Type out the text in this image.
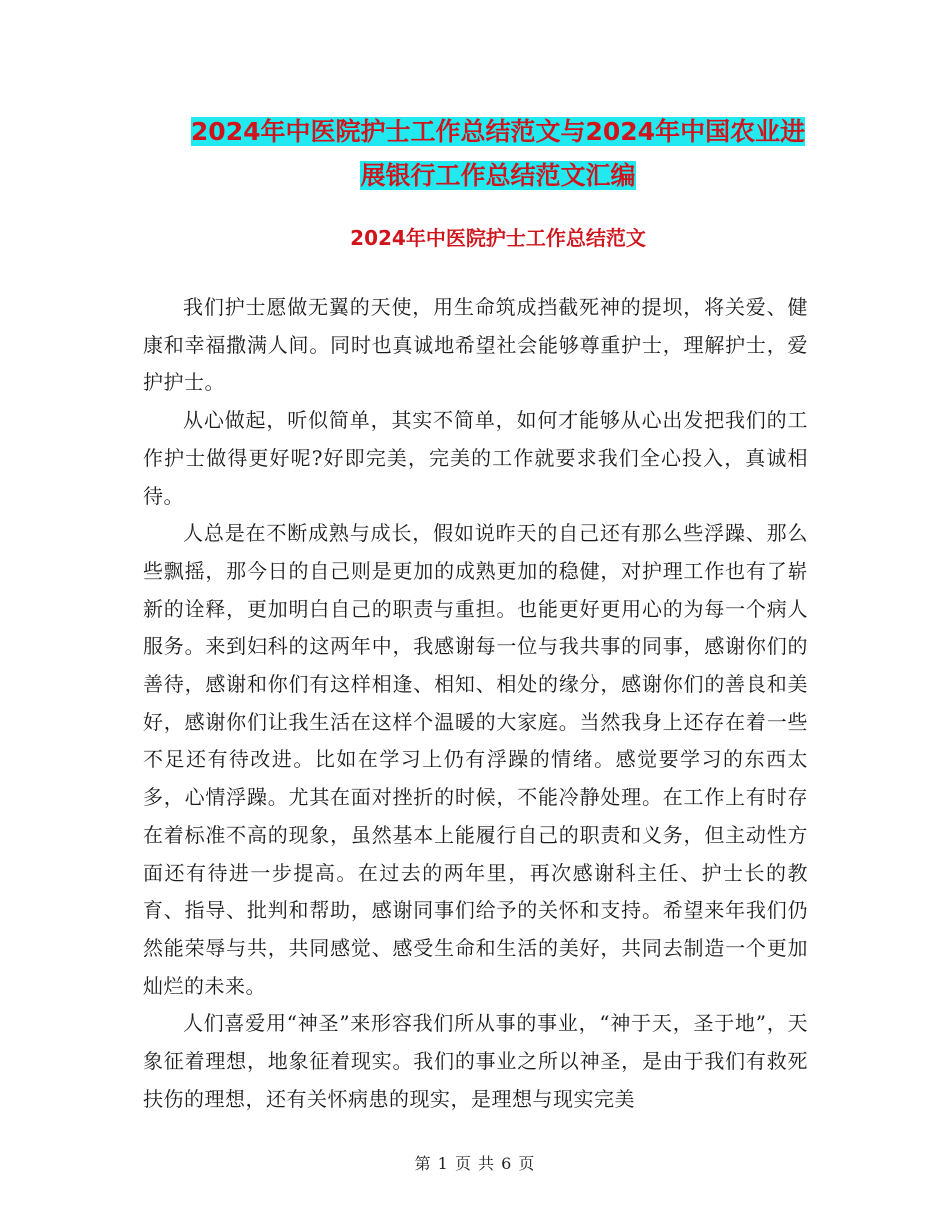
2024年中医院护士工作总结范文与2024年中国农业进
展银行工作总结范文汇编
2024年中医院护士工作总结范文

我们护士愿做无翼的天使，用生命筑成挡截死神的提坝，将关爱、健康和幸福撒满人间。同时也真诚地希望社会能够尊重护士，理解护士，爱护护士。

从心做起，听似简单，其实不简单，如何才能够从心出发把我们的工作护士做得更好呢?好即完美，完美的工作就要求我们全心投入，真诚相待。

人总是在不断成熟与成长，假如说昨天的自己还有那么些浮躁、那么些飘摇，那今日的自己则是更加的成熟更加的稳健，对护理工作也有了崭新的诠释，更加明白自己的职责与重担。也能更好更用心的为每一个病人服务。来到妇科的这两年中，我感谢每一位与我共事的同事，感谢你们的善待，感谢和你们有这样相逢、相知、相处的缘分，感谢你们的善良和美好，感谢你们让我生活在这样个温暖的大家庭。当然我身上还存在着一些不足还有待改进。比如在学习上仍有浮躁的情绪。感觉要学习的东西太多，心情浮躁。尤其在面对挫折的时候，不能冷静处理。在工作上有时存在着标准不高的现象，虽然基本上能履行自己的职责和义务，但主动性方面还有待进一步提高。在过去的两年里，再次感谢科主任、护士长的教育、指导、批判和帮助，感谢同事们给予的关怀和支持。希望来年我们仍然能荣辱与共，共同感觉、感受生命和生活的美好，共同去制造一个更加灿烂的未来。

人们喜爱用“神圣”来形容我们所从事的事业，“神于天，圣于地”，天象征着理想，地象征着现实。我们的事业之所以神圣，是由于我们有救死扶伤的理想，还有关怀病患的现实，是理想与现实完美

第 1 页 共 6 页
